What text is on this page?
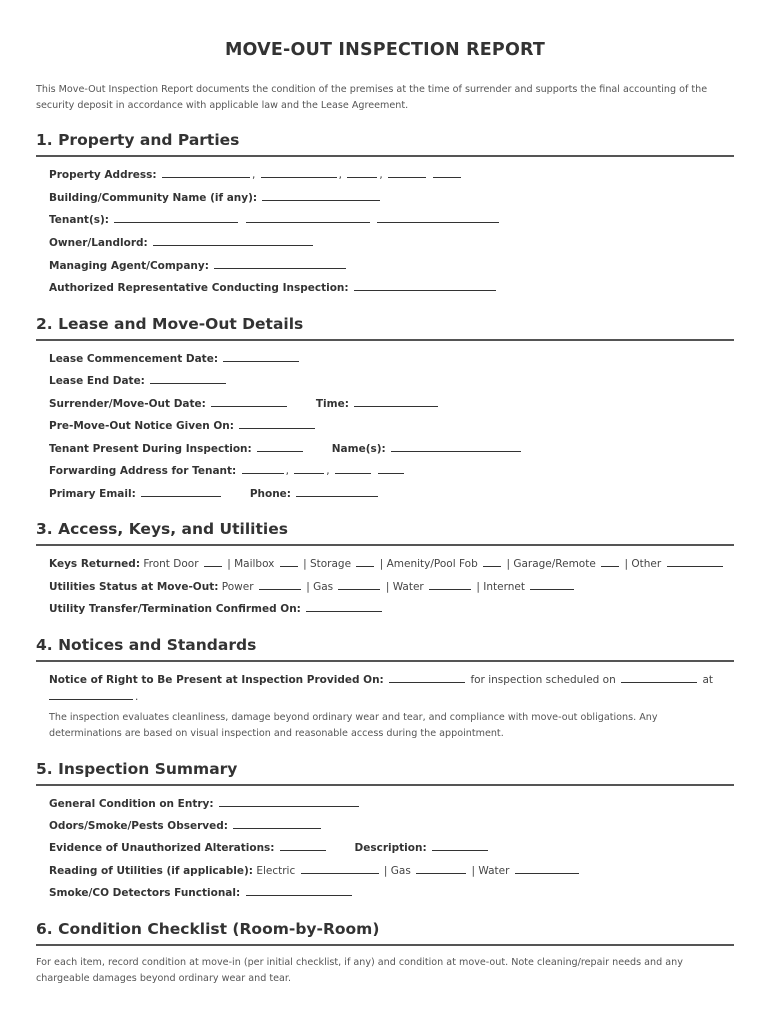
MOVE-OUT INSPECTION REPORT
This Move-Out Inspection Report documents the condition of the premises at the time of surrender and supports the final accounting of the security deposit in accordance with applicable law and the Lease Agreement.
1. Property and Parties
Property Address:	,	,	,
Building/Community Name (if any):
Tenant(s):
Owner/Landlord:
Managing Agent/Company:
Authorized Representative Conducting Inspection:
2. Lease and Move-Out Details
Lease Commencement Date:
Lease End Date:
Surrender/Move-Out Date:	Time:
Pre-Move-Out Notice Given On:
Tenant Present During Inspection:	Name(s):
Forwarding Address for Tenant:	,	,
Primary Email:	Phone:
3. Access, Keys, and Utilities
Keys Returned: Front Door	| Mailbox	| Storage	| Amenity/Pool Fob	| Garage/Remote	| Other
Utilities Status at Move-Out: Power	| Gas	| Water	| Internet
Utility Transfer/Termination Confirmed On:
4. Notices and Standards
Notice of Right to Be Present at Inspection Provided On:	for inspection scheduled on	at
.
The inspection evaluates cleanliness, damage beyond ordinary wear and tear, and compliance with move-out obligations. Any determinations are based on visual inspection and reasonable access during the appointment.
5. Inspection Summary
General Condition on Entry:
Odors/Smoke/Pests Observed:
Evidence of Unauthorized Alterations:	Description:
Reading of Utilities (if applicable): Electric	| Gas	| Water
Smoke/CO Detectors Functional:
6. Condition Checklist (Room-by-Room)
For each item, record condition at move-in (per initial checklist, if any) and condition at move-out. Note cleaning/repair needs and any chargeable damages beyond ordinary wear and tear.
